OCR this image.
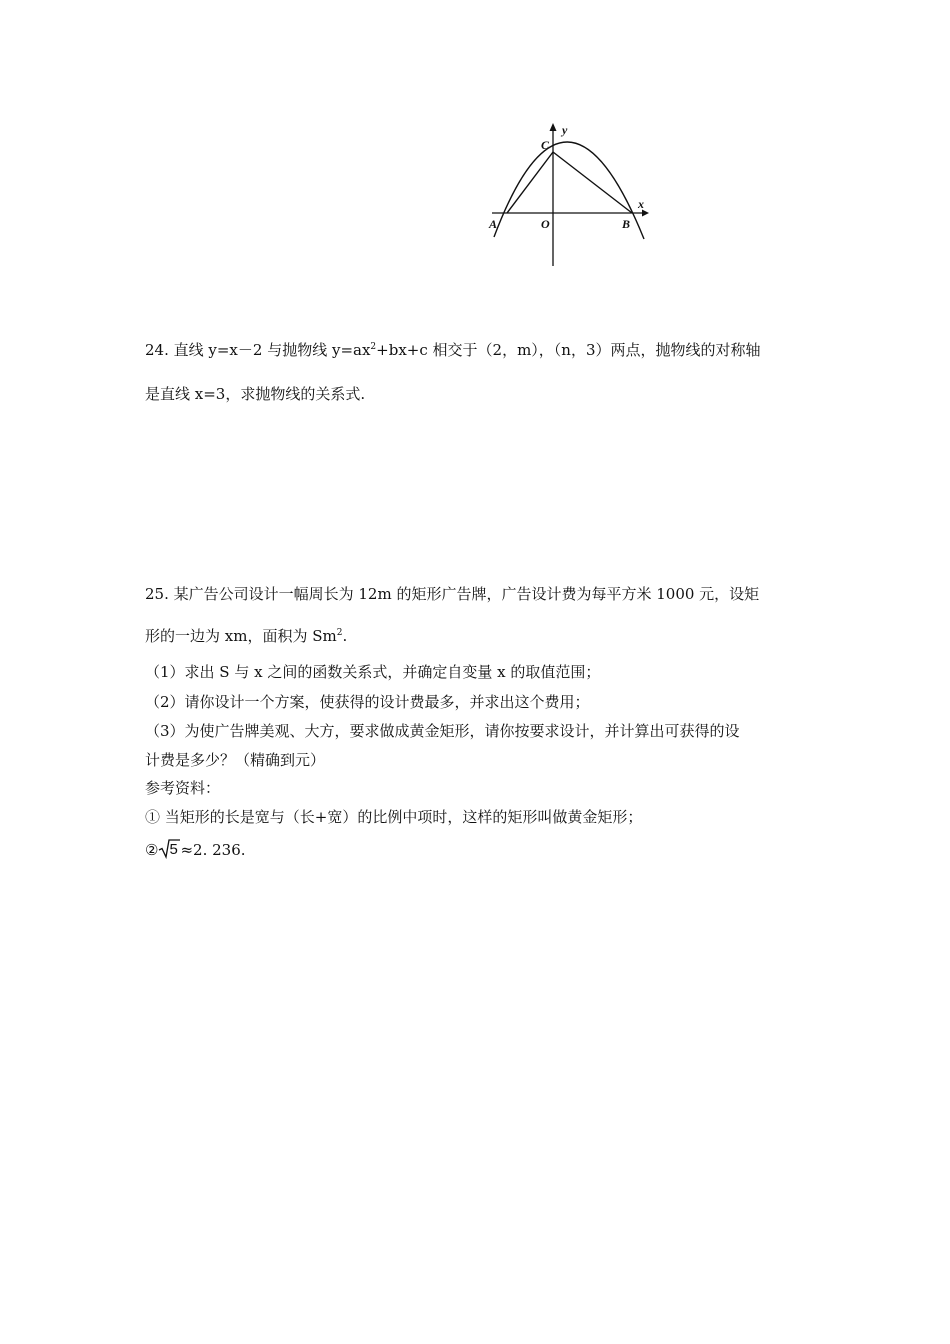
y
x
C
A	O	B
24. 直线 y=x－2 与抛物线 $y=ax^2+bx+c$ 相交于（2，m），（n，3）两点，抛物线的对称轴
是直线 x=3，求抛物线的关系式.
25. 某广告公司设计一幅周长为 12m 的矩形广告牌，广告设计费为每平方米 1000 元，设矩
形的一边为 xm，面积为 Sm$^2$.
（1）求出 S 与 x 之间的函数关系式，并确定自变量 x 的取值范围；
（2）请你设计一个方案，使获得的设计费最多，并求出这个费用；
（3）为使广告牌美观、大方，要求做成黄金矩形，请你按要求设计，并计算出可获得的设
计费是多少？（精确到元）
参考资料：
① 当矩形的长是宽与（长+宽）的比例中项时，这样的矩形叫做黄金矩形；
② 5 ≈2. 236.
